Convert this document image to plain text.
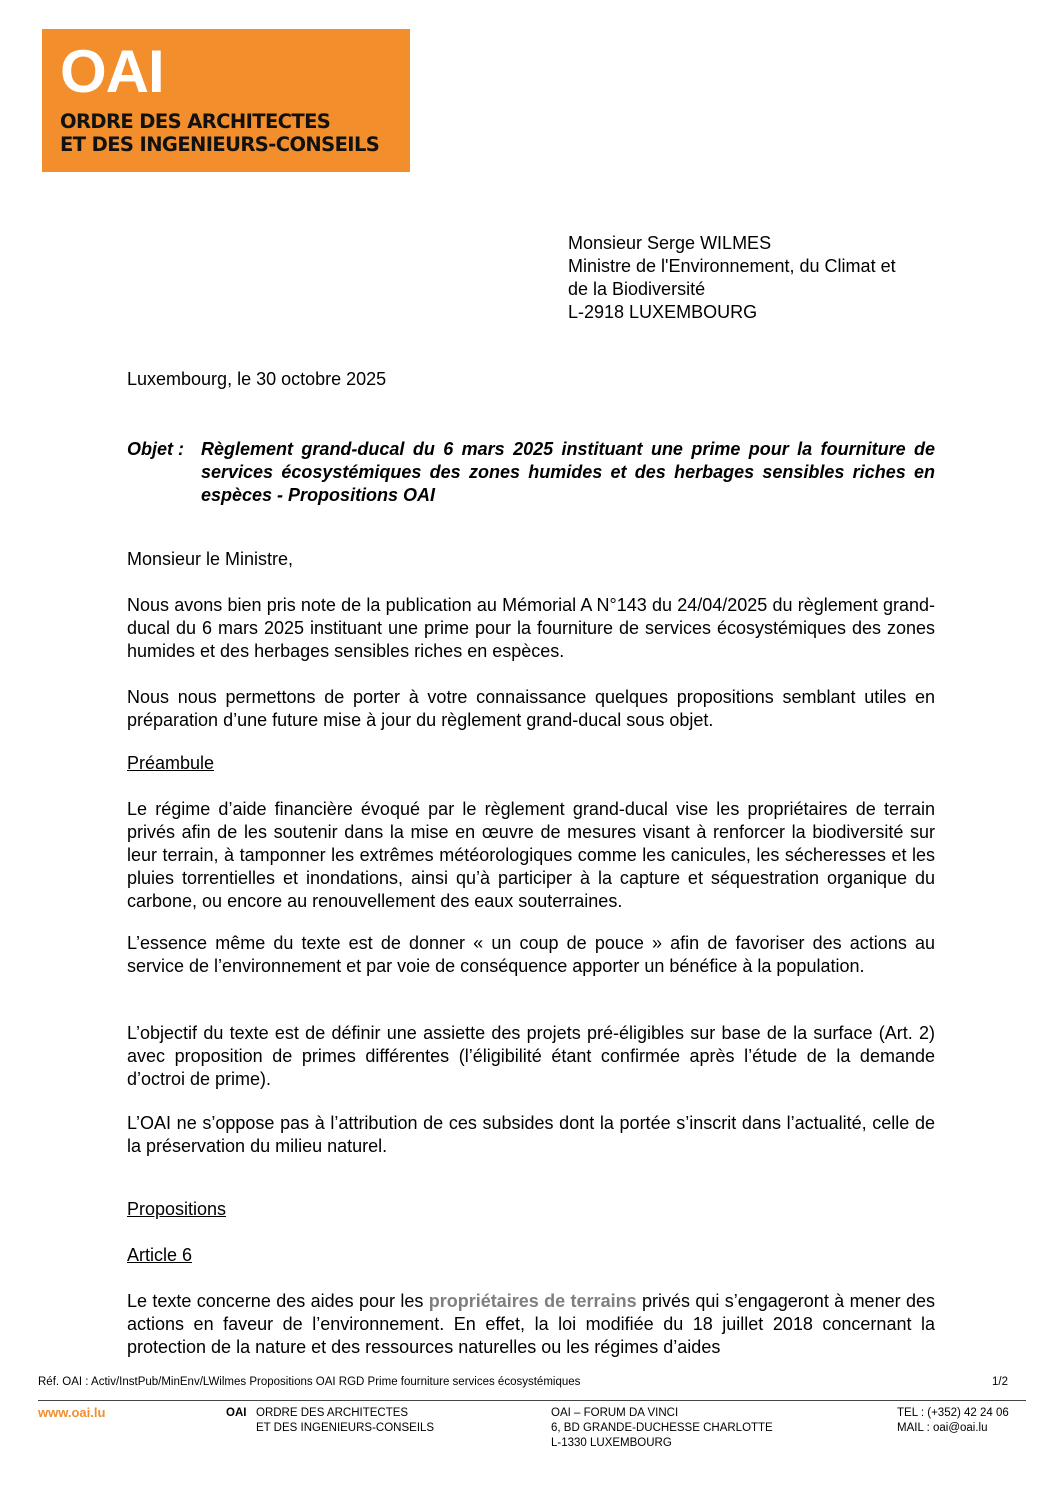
OAI
ORDRE DES ARCHITECTES
ET DES INGENIEURS-CONSEILS
Monsieur Serge WILMES
Ministre de l'Environnement, du Climat et
de la Biodiversité
L-2918 LUXEMBOURG
Luxembourg, le 30 octobre 2025
Objet : Règlement grand-ducal du 6 mars 2025 instituant une prime pour la fourniture de services écosystémiques des zones humides et des herbages sensibles riches en espèces - Propositions OAI
Monsieur le Ministre,
Nous avons bien pris note de la publication au Mémorial A N°143 du 24/04/2025 du règlement grand-ducal du 6 mars 2025 instituant une prime pour la fourniture de services écosystémiques des zones humides et des herbages sensibles riches en espèces.
Nous nous permettons de porter à votre connaissance quelques propositions semblant utiles en préparation d’une future mise à jour du règlement grand-ducal sous objet.
Préambule
Le régime d’aide financière évoqué par le règlement grand-ducal vise les propriétaires de terrain privés afin de les soutenir dans la mise en œuvre de mesures visant à renforcer la biodiversité sur leur terrain, à tamponner les extrêmes météorologiques comme les canicules, les sécheresses et les pluies torrentielles et inondations, ainsi qu’à participer à la capture et séquestration organique du carbone, ou encore au renouvellement des eaux souterraines.
L’essence même du texte est de donner « un coup de pouce » afin de favoriser des actions au service de l’environnement et par voie de conséquence apporter un bénéfice à la population.
L’objectif du texte est de définir une assiette des projets pré-éligibles sur base de la surface (Art. 2) avec proposition de primes différentes (l’éligibilité étant confirmée après l’étude de la demande d’octroi de prime).
L’OAI ne s’oppose pas à l’attribution de ces subsides dont la portée s’inscrit dans l’actualité, celle de la préservation du milieu naturel.
Propositions
Article 6
Le texte concerne des aides pour les propriétaires de terrains privés qui s’engageront à mener des actions en faveur de l’environnement. En effet, la loi modifiée du 18 juillet 2018 concernant la protection de la nature et des ressources naturelles ou les régimes d’aides
Réf. OAI : Activ/InstPub/MinEnv/LWilmes Propositions OAI RGD Prime fourniture services écosystémiques	1/2
www.oai.lu	OAI ORDRE DES ARCHITECTES
ET DES INGENIEURS-CONSEILS
OAI – FORUM DA VINCI
6, BD GRANDE-DUCHESSE CHARLOTTE
L-1330 LUXEMBOURG
TEL : (+352) 42 24 06
MAIL : oai@oai.lu
